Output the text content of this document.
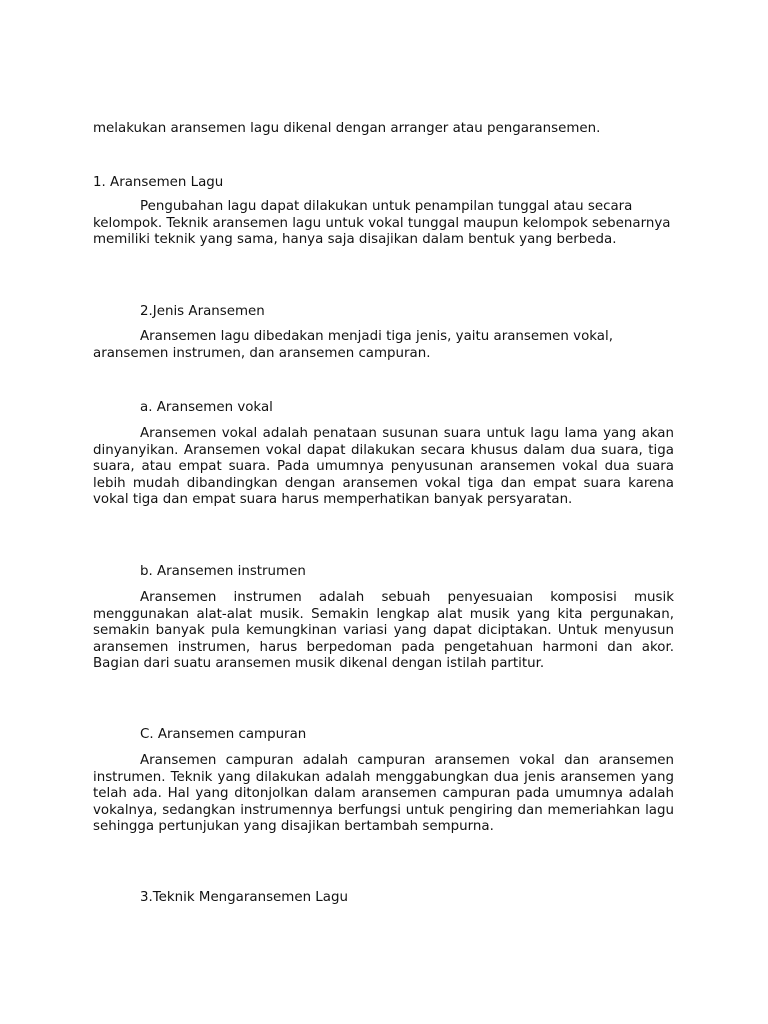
melakukan aransemen lagu dikenal dengan arranger atau pengaransemen.
1. Aransemen Lagu
Pengubahan lagu dapat dilakukan untuk penampilan tunggal atau secara kelompok. Teknik aransemen lagu untuk vokal tunggal maupun kelompok sebenarnya memiliki teknik yang sama, hanya saja disajikan dalam bentuk yang berbeda.
2.Jenis Aransemen
Aransemen lagu dibedakan menjadi tiga jenis, yaitu aransemen vokal, aransemen instrumen, dan aransemen campuran.
a. Aransemen vokal
Aransemen vokal adalah penataan susunan suara untuk lagu lama yang akan dinyanyikan. Aransemen vokal dapat dilakukan secara khusus dalam dua suara, tiga suara, atau empat suara. Pada umumnya penyusunan aransemen vokal dua suara lebih mudah dibandingkan dengan aransemen vokal tiga dan empat suara karena vokal tiga dan empat suara harus memperhatikan banyak persyaratan.
b. Aransemen instrumen
Aransemen instrumen adalah sebuah penyesuaian komposisi musik menggunakan alat-alat musik. Semakin lengkap alat musik yang kita pergunakan, semakin banyak pula kemungkinan variasi yang dapat diciptakan. Untuk menyusun aransemen instrumen, harus berpedoman pada pengetahuan harmoni dan akor. Bagian dari suatu aransemen musik dikenal dengan istilah partitur.
C. Aransemen campuran
Aransemen campuran adalah campuran aransemen vokal dan aransemen instrumen. Teknik yang dilakukan adalah menggabungkan dua jenis aransemen yang telah ada. Hal yang ditonjolkan dalam aransemen campuran pada umumnya adalah vokalnya, sedangkan instrumennya berfungsi untuk pengiring dan memeriahkan lagu sehingga pertunjukan yang disajikan bertambah sempurna.
3.Teknik Mengaransemen Lagu
